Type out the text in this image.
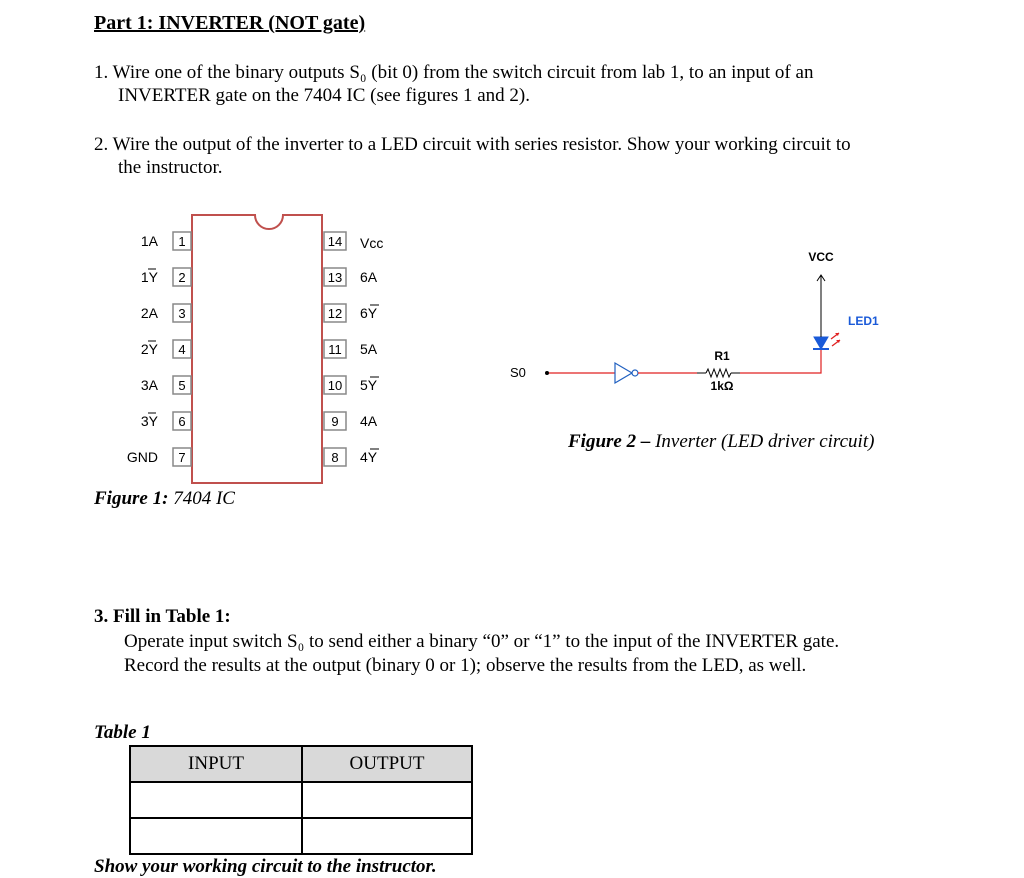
Part 1: INVERTER (NOT gate)
1. Wire one of the binary outputs S₀ (bit 0) from the switch circuit from lab 1, to an input of an
INVERTER gate on the 7404 IC (see figures 1 and 2).
2. Wire the output of the inverter to a LED circuit with series resistor. Show your working circuit to
the instructor.
1A 1
1Y 2
2A 3
2Y 4
3A 5
3Y 6
GND 7
14 Vcc
13 6A
12 6Y
11 5A
10 5Y
9 4A
8 4Y
Figure 1: 7404 IC
S0
R1
1kΩ
LED1
VCC
Figure 2 – Inverter (LED driver circuit)
3. Fill in Table 1:
Operate input switch S₀ to send either a binary “0” or “1” to the input of the INVERTER gate.
Record the results at the output (binary 0 or 1); observe the results from the LED, as well.
Table 1
INPUT	OUTPUT

Show your working circuit to the instructor.
